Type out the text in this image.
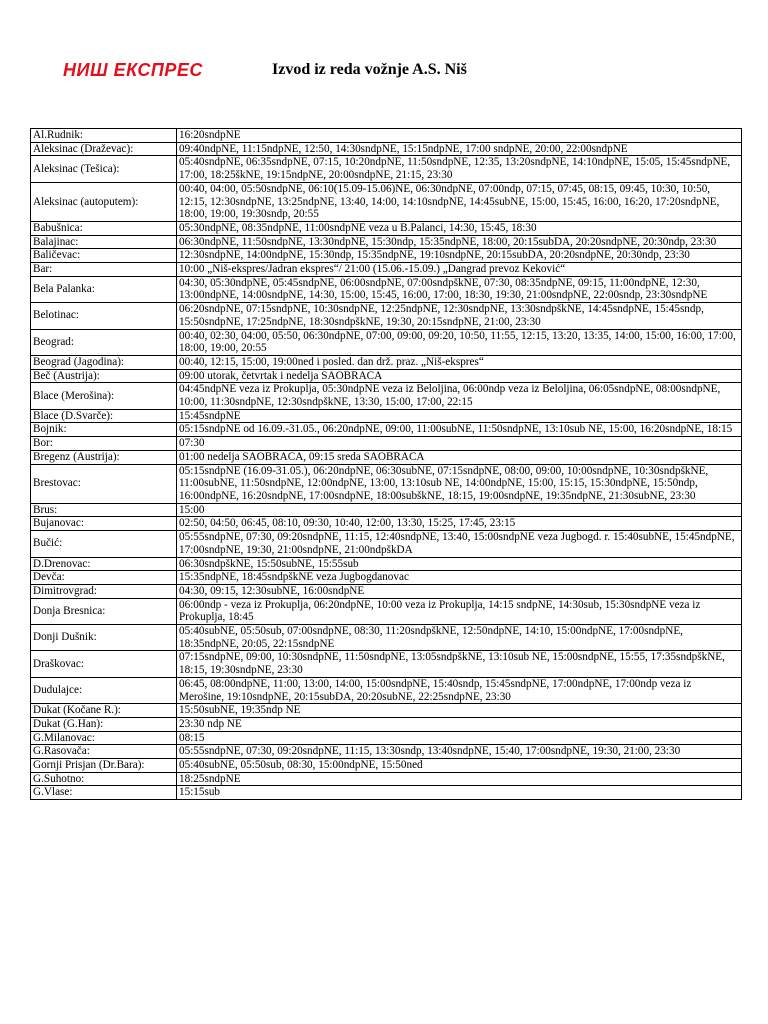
НИШ ЕКСПРЕС	Izvod iz reda vožnje A.S. Niš
Al.Rudnik:	16:20sndpNE
Aleksinac (Draževac):	09:40ndpNE, 11:15ndpNE, 12:50, 14:30sndpNE, 15:15ndpNE, 17:00 sndpNE, 20:00, 22:00sndpNE
Aleksinac (Tešica):	05:40sndpNE, 06:35sndpNE, 07:15, 10:20ndpNE, 11:50sndpNE, 12:35, 13:20sndpNE, 14:10ndpNE, 15:05, 15:45sndpNE, 17:00, 18:25škNE, 19:15ndpNE, 20:00sndpNE, 21:15, 23:30
Aleksinac (autoputem):	00:40, 04:00, 05:50sndpNE, 06:10(15.09-15.06)NE, 06:30ndpNE, 07:00ndp, 07:15, 07:45, 08:15, 09:45, 10:30, 10:50, 12:15, 12:30sndpNE, 13:25ndpNE, 13:40, 14:00, 14:10sndpNE, 14:45subNE, 15:00, 15:45, 16:00, 16:20, 17:20sndpNE, 18:00, 19:00, 19:30sndp, 20:55
Babušnica:	05:30ndpNE, 08:35ndpNE, 11:00sndpNE veza u B.Palanci, 14:30, 15:45, 18:30
Balajinac:	06:30ndpNE, 11:50sndpNE, 13:30ndpNE, 15:30ndp, 15:35ndpNE, 18:00, 20:15subDA, 20:20sndpNE, 20:30ndp, 23:30
Baličevac:	12:30sndpNE, 14:00ndpNE, 15:30ndp, 15:35ndpNE, 19:10sndpNE, 20:15subDA, 20:20sndpNE, 20:30ndp, 23:30
Bar:	10:00 „Niš-ekspres/Jadran ekspres“/ 21:00 (15.06.-15.09.) „Dangrad prevoz Keković“
Bela Palanka:	04:30, 05:30ndpNE, 05:45sndpNE, 06:00sndpNE, 07:00sndpškNE, 07:30, 08:35ndpNE, 09:15, 11:00ndpNE, 12:30, 13:00ndpNE, 14:00sndpNE, 14:30, 15:00, 15:45, 16:00, 17:00, 18:30, 19:30, 21:00sndpNE, 22:00sndp, 23:30sndpNE
Belotinac:	06:20sndpNE, 07:15sndpNE, 10:30sndpNE, 12:25ndpNE, 12:30sndpNE, 13:30sndpškNE, 14:45sndpNE, 15:45sndp, 15:50sndpNE, 17:25ndpNE, 18:30sndpškNE, 19:30, 20:15sndpNE, 21:00, 23:30
Beograd:	00:40, 02:30, 04:00, 05:50, 06:30ndpNE, 07:00, 09:00, 09:20, 10:50, 11:55, 12:15, 13:20, 13:35, 14:00, 15:00, 16:00, 17:00, 18:00, 19:00, 20:55
Beograd (Jagodina):	00:40, 12:15, 15:00, 19:00ned i posled. dan drž. praz. „Niš-ekspres“
Beč (Austrija):	09:00 utorak, četvrtak i nedelja SAOBRACA
Blace (Merošina):	04:45ndpNE veza iz Prokuplja, 05:30ndpNE veza iz Beloljina, 06:00ndp veza iz Beloljina, 06:05sndpNE, 08:00sndpNE, 10:00, 11:30sndpNE, 12:30sndpškNE, 13:30, 15:00, 17:00, 22:15
Blace (D.Svarče):	15:45sndpNE
Bojnik:	05:15sndpNE od 16.09.-31.05., 06:20ndpNE, 09:00, 11:00subNE, 11:50sndpNE, 13:10sub NE, 15:00, 16:20sndpNE, 18:15
Bor:	07:30
Bregenz (Austrija):	01:00 nedelja SAOBRACA, 09:15 sreda SAOBRACA
Brestovac:	05:15sndpNE (16.09-31.05.), 06:20ndpNE, 06:30subNE, 07:15sndpNE, 08:00, 09:00, 10:00sndpNE, 10:30sndpškNE, 11:00subNE, 11:50sndpNE, 12:00ndpNE, 13:00, 13:10sub NE, 14:00ndpNE, 15:00, 15:15, 15:30ndpNE, 15:50ndp, 16:00ndpNE, 16:20sndpNE, 17:00sndpNE, 18:00subškNE, 18:15, 19:00sndpNE, 19:35ndpNE, 21:30subNE, 23:30
Brus:	15:00
Bujanovac:	02:50, 04:50, 06:45, 08:10, 09:30, 10:40, 12:00, 13:30, 15:25, 17:45, 23:15
Bučić:	05:55sndpNE, 07:30, 09:20sndpNE, 11:15, 12:40sndpNE, 13:40, 15:00sndpNE veza Jugbogd. r. 15:40subNE, 15:45ndpNE, 17:00sndpNE, 19:30, 21:00sndpNE, 21:00ndpškDA
D.Drenovac:	06:30sndpškNE, 15:50subNE, 15:55sub
Devča:	15:35ndpNE, 18:45sndpškNE veza Jugbogdanovac
Dimitrovgrad:	04:30, 09:15, 12:30subNE, 16:00sndpNE
Donja Bresnica:	06:00ndp - veza iz Prokuplja, 06:20ndpNE, 10:00 veza iz Prokuplja, 14:15 sndpNE, 14:30sub, 15:30sndpNE veza iz Prokuplja, 18:45
Donji Dušnik:	05:40subNE, 05:50sub, 07:00sndpNE, 08:30, 11:20sndpškNE, 12:50ndpNE, 14:10, 15:00ndpNE, 17:00sndpNE, 18:35ndpNE, 20:05, 22:15sndpNE
Draškovac:	07:15sndpNE, 09:00, 10:30sndpNE, 11:50sndpNE, 13:05sndpškNE, 13:10sub NE, 15:00sndpNE, 15:55, 17:35sndpškNE, 18:15, 19:30sndpNE, 23:30
Dudulajce:	06:45, 08:00ndpNE, 11:00, 13:00, 14:00, 15:00sndpNE, 15:40sndp, 15:45sndpNE, 17:00ndpNE, 17:00ndp veza iz Merošine, 19:10sndpNE, 20:15subDA, 20:20subNE, 22:25sndpNE, 23:30
Dukat (Kočane R.):	15:50subNE, 19:35ndp NE
Dukat (G.Han):	23:30 ndp NE
G.Milanovac:	08:15
G.Rasovača:	05:55sndpNE, 07:30, 09:20sndpNE, 11:15, 13:30sndp, 13:40sndpNE, 15:40, 17:00sndpNE, 19:30, 21:00, 23:30
Gornji Prisjan (Dr.Bara):	05:40subNE, 05:50sub, 08:30, 15:00ndpNE, 15:50ned
G.Suhotno:	18:25sndpNE
G.Vlase:	15:15sub
